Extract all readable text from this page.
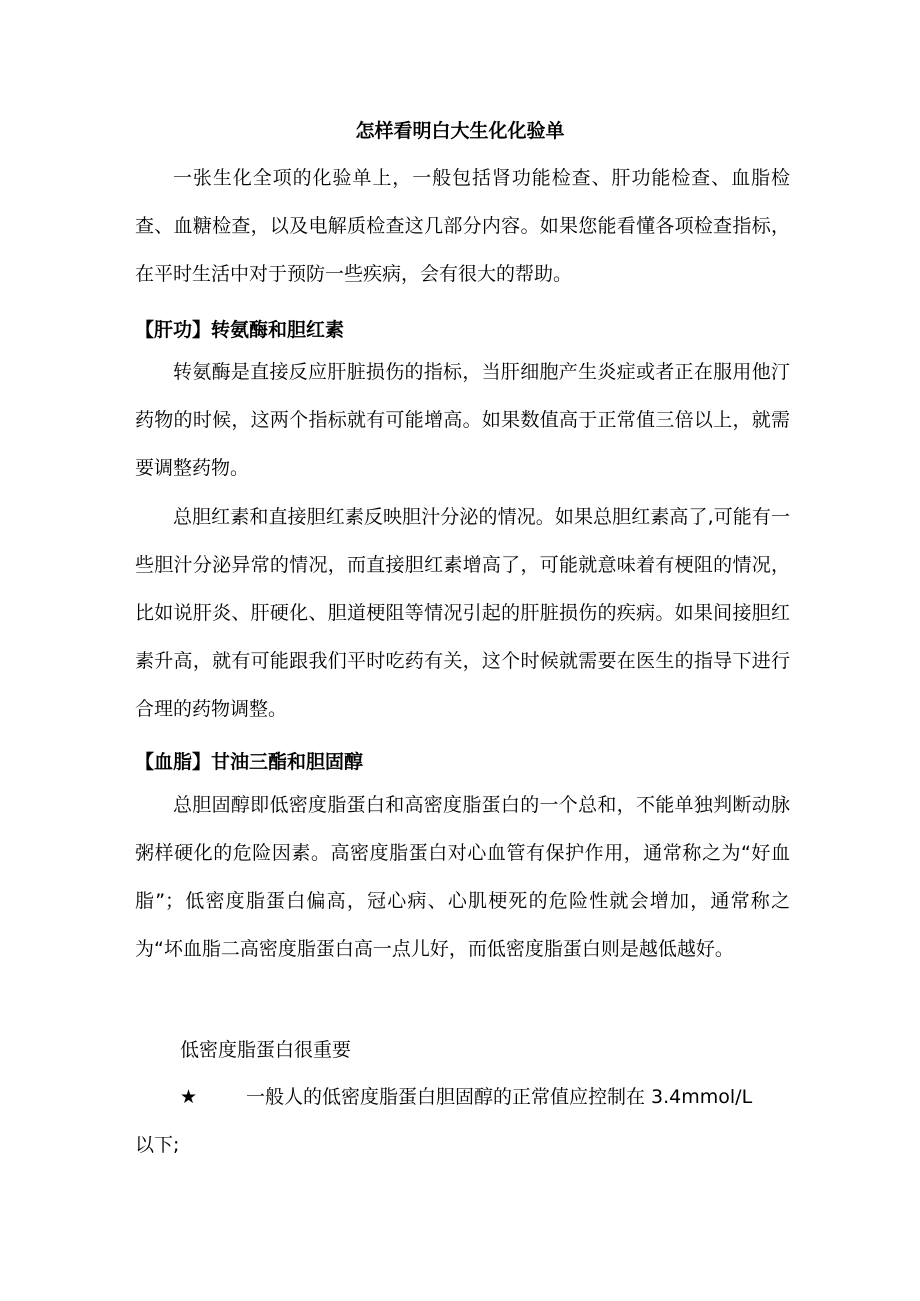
怎样看明白大生化化验单

一张生化全项的化验单上，一般包括肾功能检查、肝功能检查、血脂检查、血糖检查，以及电解质检查这几部分内容。如果您能看懂各项检查指标，在平时生活中对于预防一些疾病，会有很大的帮助。

【肝功】转氨酶和胆红素

转氨酶是直接反应肝脏损伤的指标，当肝细胞产生炎症或者正在服用他汀药物的时候，这两个指标就有可能增高。如果数值高于正常值三倍以上，就需要调整药物。

总胆红素和直接胆红素反映胆汁分泌的情况。如果总胆红素高了,可能有一些胆汁分泌异常的情况，而直接胆红素增高了，可能就意味着有梗阻的情况，比如说肝炎、肝硬化、胆道梗阻等情况引起的肝脏损伤的疾病。如果间接胆红素升高，就有可能跟我们平时吃药有关，这个时候就需要在医生的指导下进行合理的药物调整。

【血脂】甘油三酯和胆固醇

总胆固醇即低密度脂蛋白和高密度脂蛋白的一个总和，不能单独判断动脉粥样硬化的危险因素。高密度脂蛋白对心血管有保护作用，通常称之为“好血脂”；低密度脂蛋白偏高，冠心病、心肌梗死的危险性就会增加，通常称之为“坏血脂二高密度脂蛋白高一点儿好，而低密度脂蛋白则是越低越好。

低密度脂蛋白很重要

★	一般人的低密度脂蛋白胆固醇的正常值应控制在 3.4mmol/L
以下;
